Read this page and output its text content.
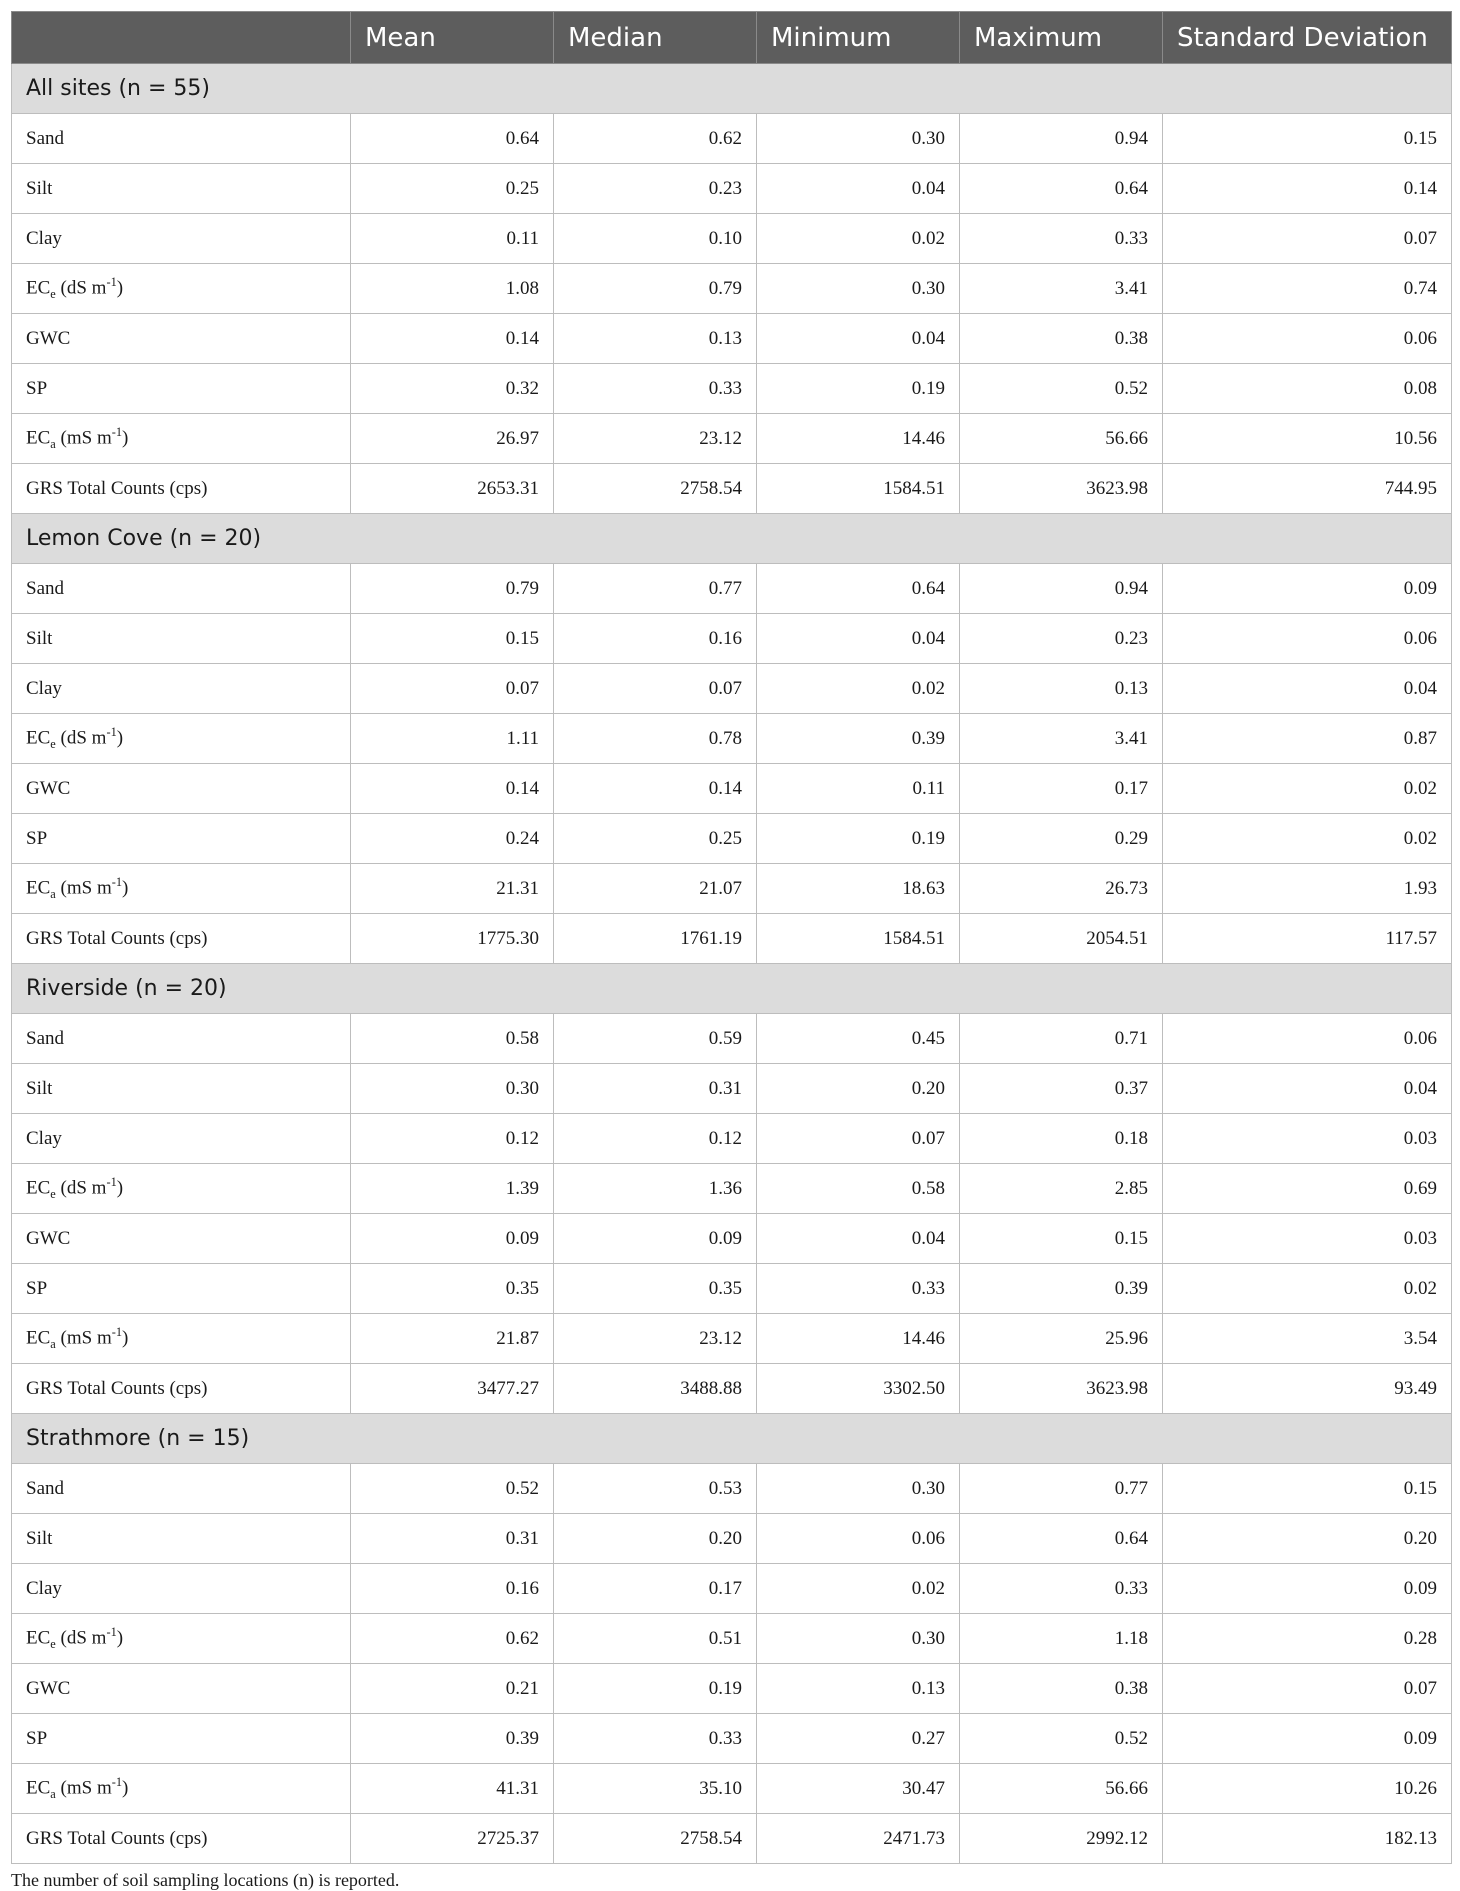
	Mean	Median	Minimum	Maximum	Standard Deviation
All sites (n = 55)					
Sand	0.64	0.62	0.30	0.94	0.15
Silt	0.25	0.23	0.04	0.64	0.14
Clay	0.11	0.10	0.02	0.33	0.07
$EC_e$ (dS $m^{-1}$)	1.08	0.79	0.30	3.41	0.74
GWC	0.14	0.13	0.04	0.38	0.06
SP	0.32	0.33	0.19	0.52	0.08
$EC_a$ (mS $m^{-1}$)	26.97	23.12	14.46	56.66	10.56
GRS Total Counts (cps)	2653.31	2758.54	1584.51	3623.98	744.95
Lemon Cove (n = 20)					
Sand	0.79	0.77	0.64	0.94	0.09
Silt	0.15	0.16	0.04	0.23	0.06
Clay	0.07	0.07	0.02	0.13	0.04
$EC_e$ (dS $m^{-1}$)	1.11	0.78	0.39	3.41	0.87
GWC	0.14	0.14	0.11	0.17	0.02
SP	0.24	0.25	0.19	0.29	0.02
$EC_a$ (mS $m^{-1}$)	21.31	21.07	18.63	26.73	1.93
GRS Total Counts (cps)	1775.30	1761.19	1584.51	2054.51	117.57
Riverside (n = 20)					
Sand	0.58	0.59	0.45	0.71	0.06
Silt	0.30	0.31	0.20	0.37	0.04
Clay	0.12	0.12	0.07	0.18	0.03
$EC_e$ (dS $m^{-1}$)	1.39	1.36	0.58	2.85	0.69
GWC	0.09	0.09	0.04	0.15	0.03
SP	0.35	0.35	0.33	0.39	0.02
$EC_a$ (mS $m^{-1}$)	21.87	23.12	14.46	25.96	3.54
GRS Total Counts (cps)	3477.27	3488.88	3302.50	3623.98	93.49
Strathmore (n = 15)					
Sand	0.52	0.53	0.30	0.77	0.15
Silt	0.31	0.20	0.06	0.64	0.20
Clay	0.16	0.17	0.02	0.33	0.09
$EC_e$ (dS $m^{-1}$)	0.62	0.51	0.30	1.18	0.28
GWC	0.21	0.19	0.13	0.38	0.07
SP	0.39	0.33	0.27	0.52	0.09
$EC_a$ (mS $m^{-1}$)	41.31	35.10	30.47	56.66	10.26
GRS Total Counts (cps)	2725.37	2758.54	2471.73	2992.12	182.13
The number of soil sampling locations (n) is reported.
